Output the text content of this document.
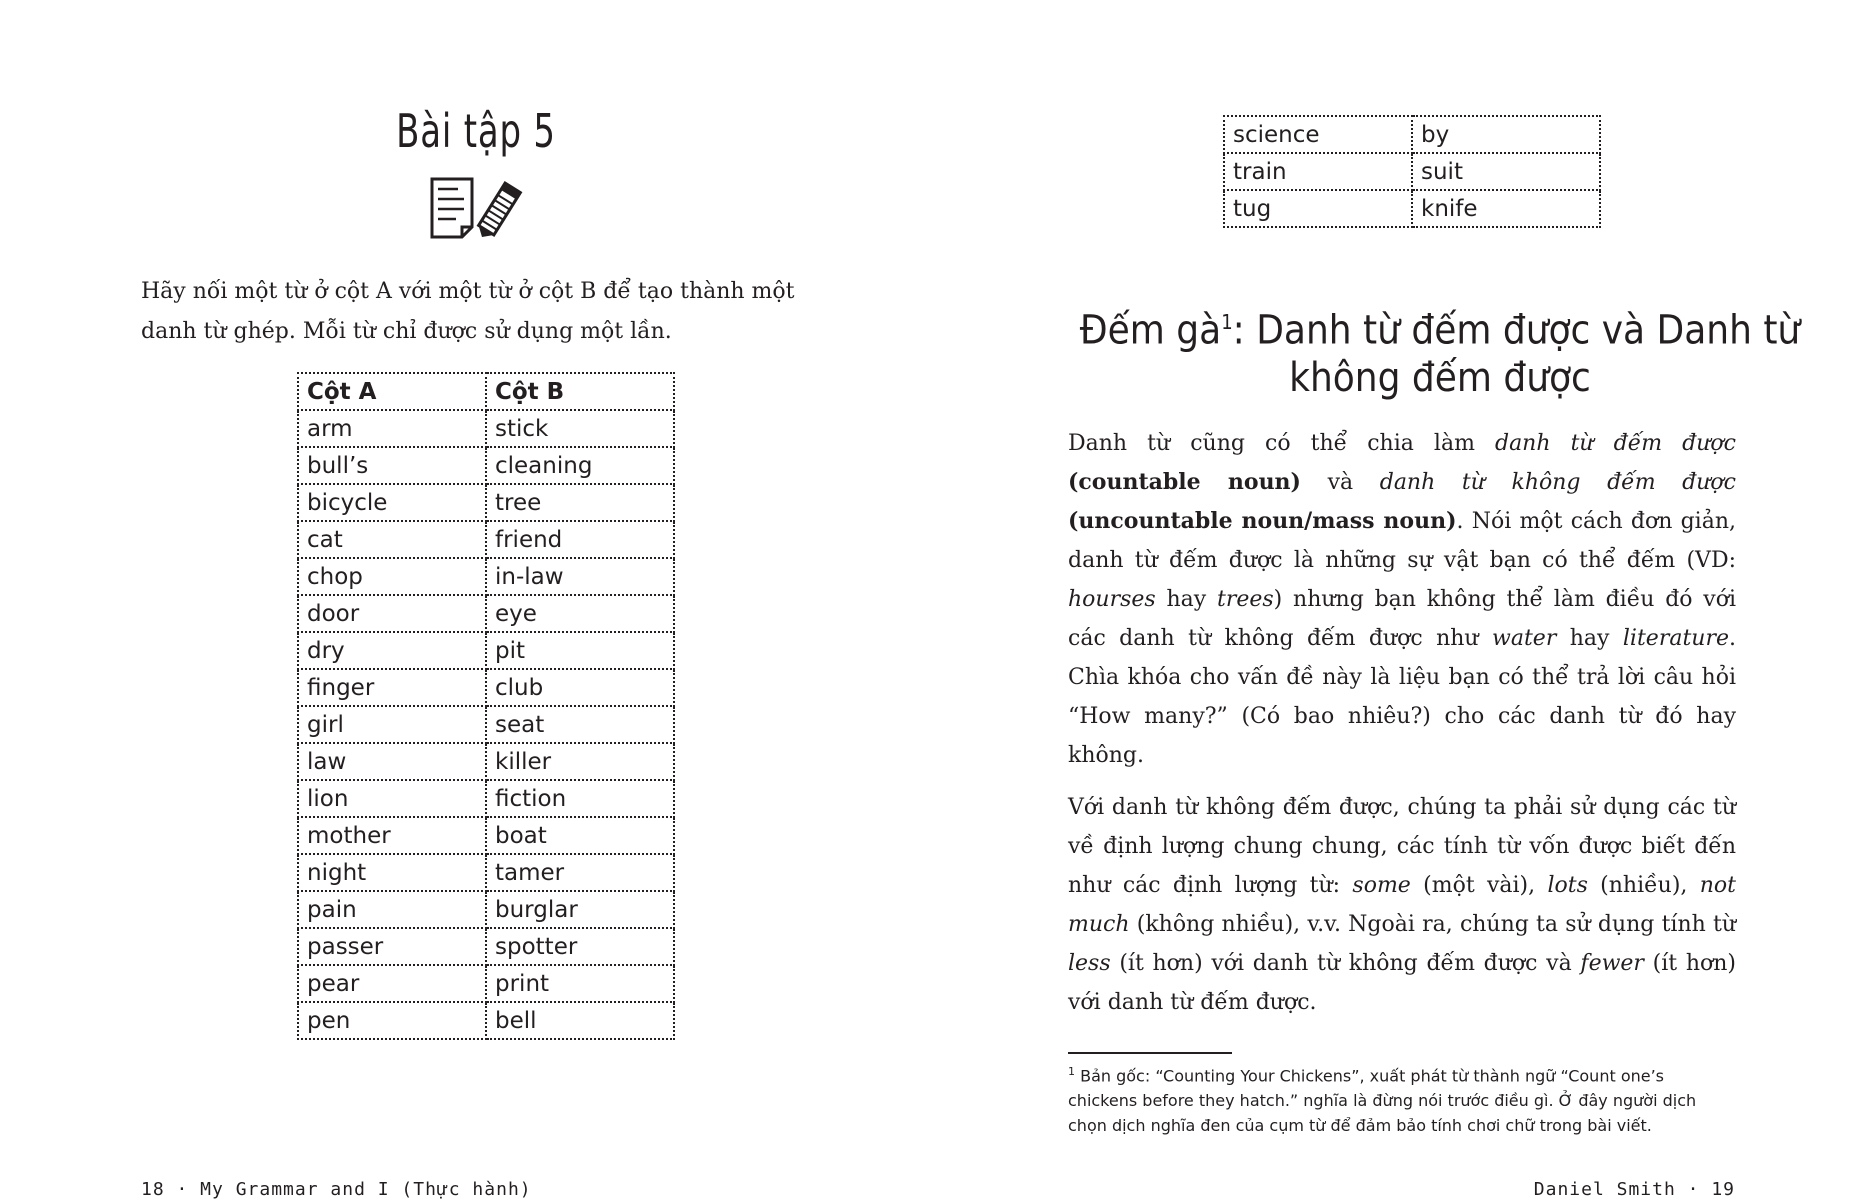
Bài tập 5
Hãy nối một từ ở cột A với một từ ở cột B để tạo thành một danh từ ghép. Mỗi từ chỉ được sử dụng một lần.
Cột A	Cột B
arm	stick
bull’s	cleaning
bicycle	tree
cat	friend
chop	in-law
door	eye
dry	pit
finger	club
girl	seat
law	killer
lion	fiction
mother	boat
night	tamer
pain	burglar
passer	spotter
pear	print
pen	bell
18 · My Grammar and I (Thực hành)
science	by
train	suit
tug	knife
Đếm $gà^1$: Danh từ đếm được và Danh từ không đếm được

Danh từ cũng có thể chia làm danh từ đếm được (countable noun) và danh từ không đếm được (uncountable noun/mass noun). Nói một cách đơn giản, danh từ đếm được là những sự vật bạn có thể đếm (VD: hourses hay trees) nhưng bạn không thể làm điều đó với các danh từ không đếm được như water hay literature. Chìa khóa cho vấn đề này là liệu bạn có thể trả lời câu hỏi “How many?” (Có bao nhiêu?) cho các danh từ đó hay không.

Với danh từ không đếm được, chúng ta phải sử dụng các từ về định lượng chung chung, các tính từ vốn được biết đến như các định lượng từ: some (một vài), lots (nhiều), not much (không nhiều), v.v. Ngoài ra, chúng ta sử dụng tính từ less (ít hơn) với danh từ không đếm được và fewer (ít hơn) với danh từ đếm được.

$^1$ Bản gốc: “Counting Your Chickens”, xuất phát từ thành ngữ “Count one’s chickens before they hatch.” nghĩa là đừng nói trước điều gì. Ở đây người dịch chọn dịch nghĩa đen của cụm từ để đảm bảo tính chơi chữ trong bài viết.
Daniel Smith · 19
